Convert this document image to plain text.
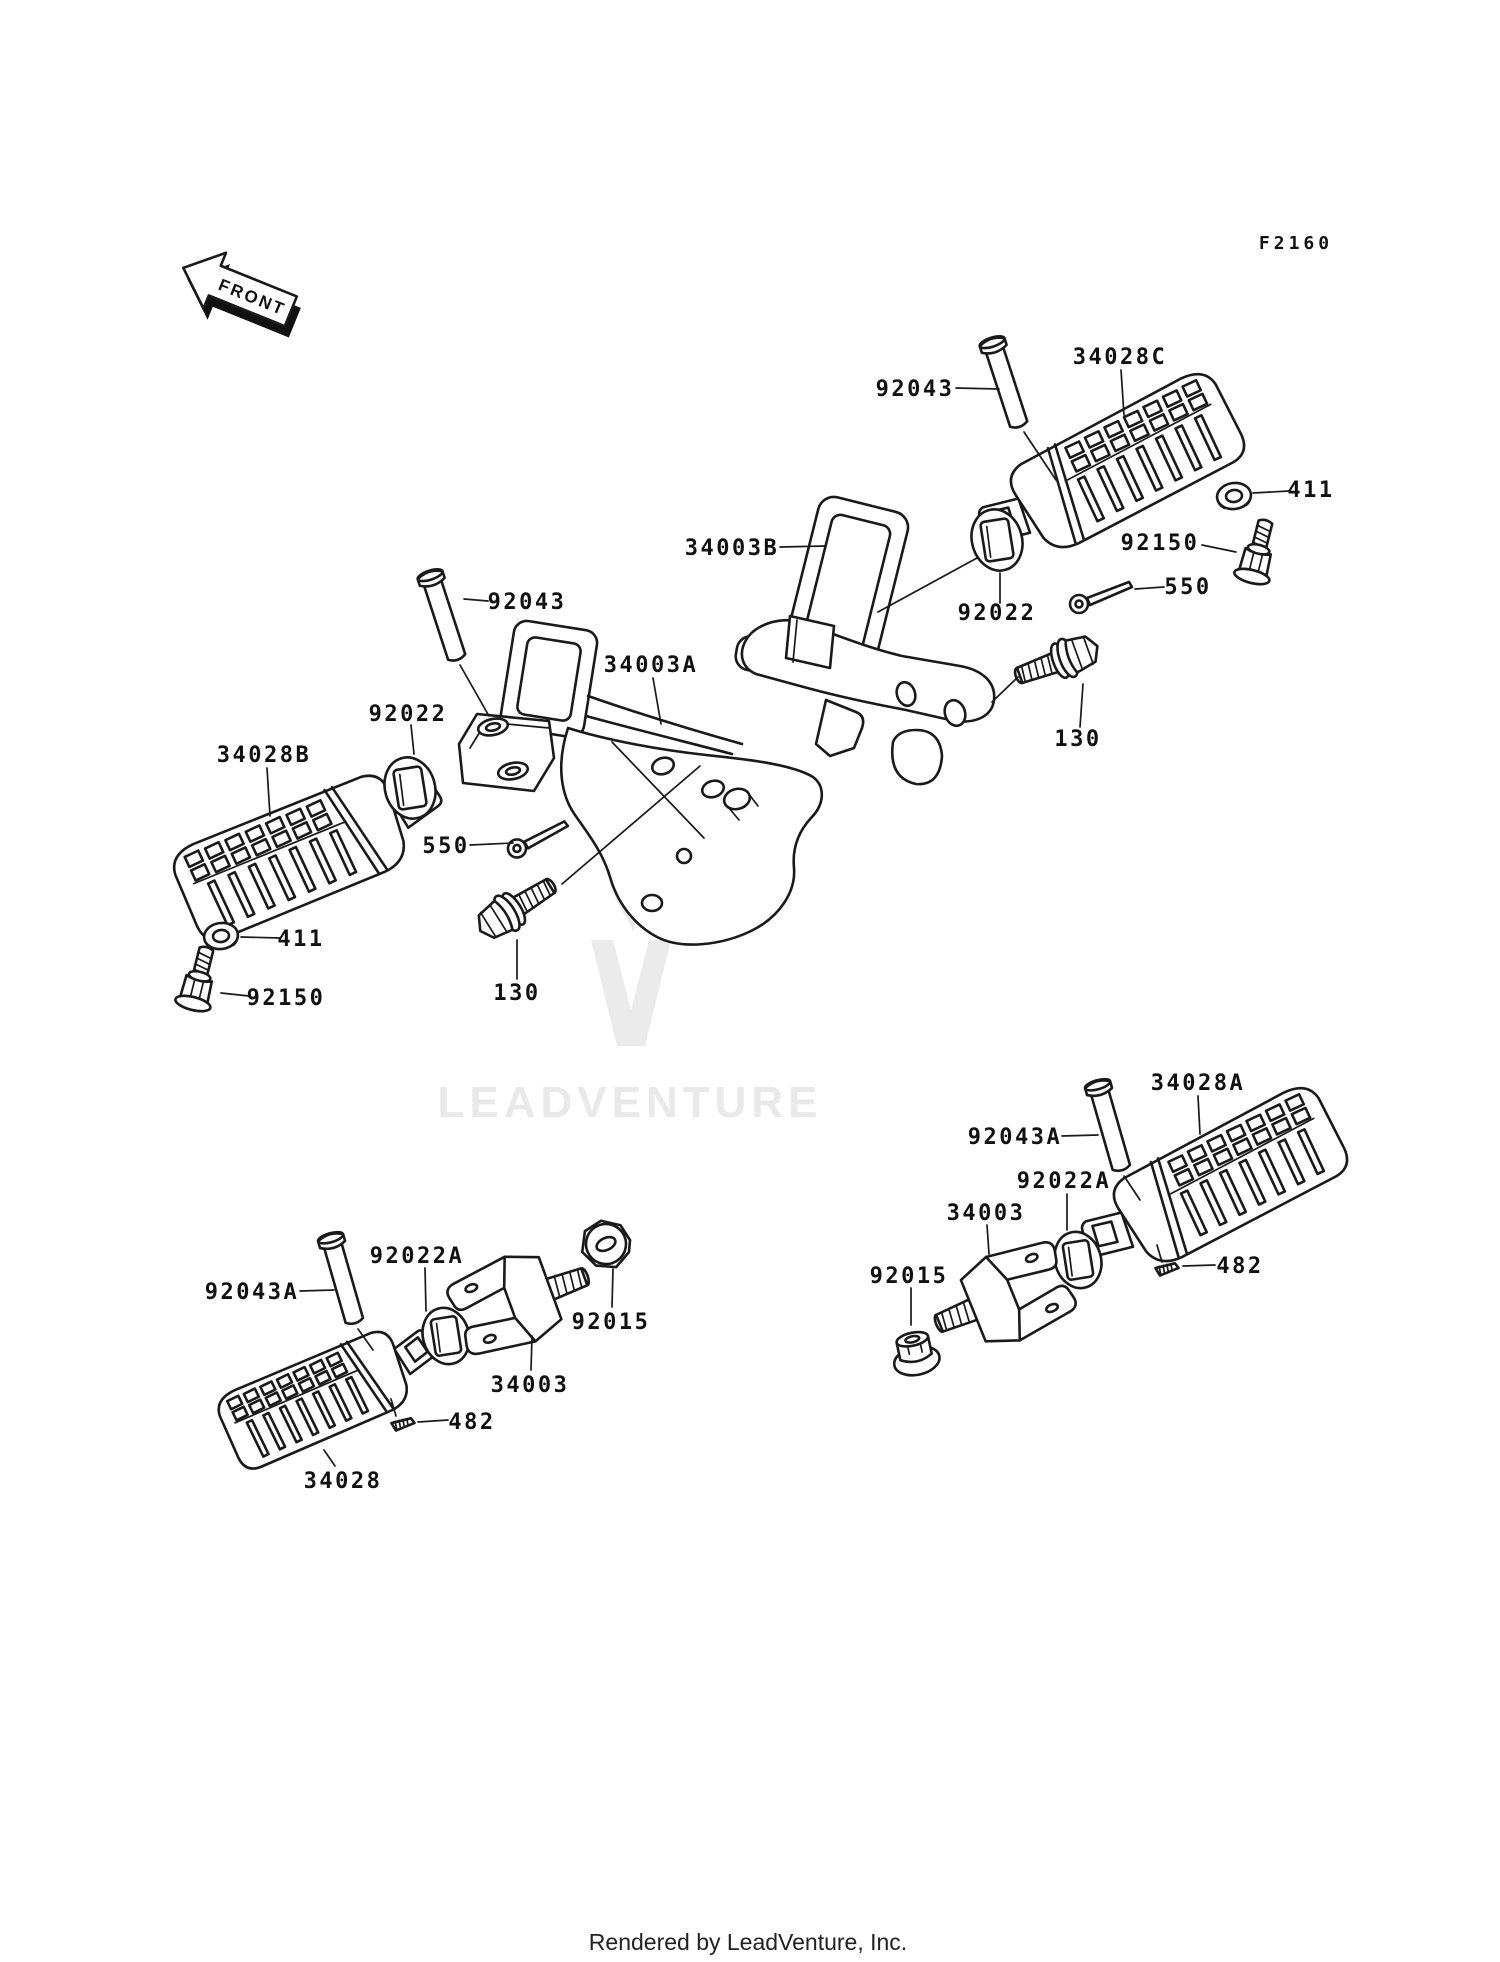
LEADVENTURE
FRONT
F2160
92043
34028C
411
92150
550
92022
34003B
130
92043
92022
34028B
550
411
92150	130
34003A
34028A
92043A
92022A
34003
92015	482
92043A
92022A
92015
34003
482
34028
Rendered by LeadVenture, Inc.
